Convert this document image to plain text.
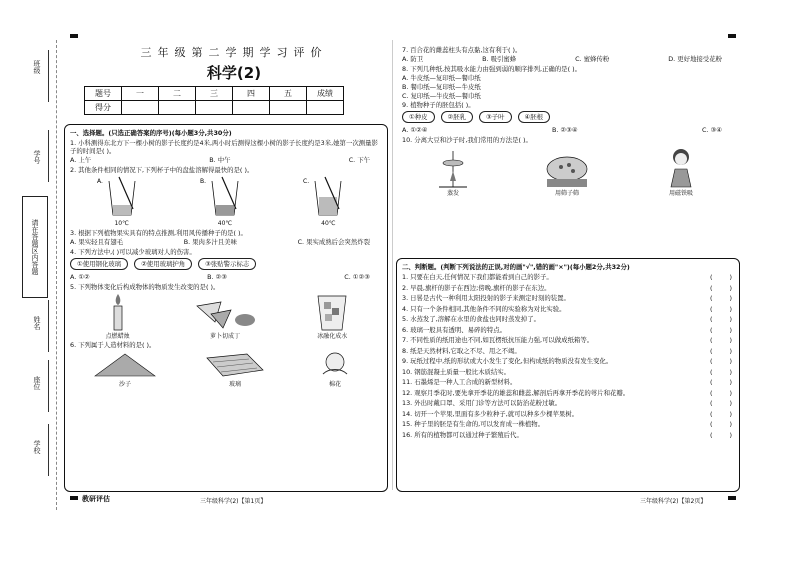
班级
学号
姓名
座位
学校
请在答题区内答题
三年级第二学期学习评价
科学(2)
题号	一	二	三	四	五	成绩
得分						
一、选择题。(只选正确答案的序号)(每小题3分,共30分)
1. 小科测得东北方下一棵小树的影子长度约是4米,两小时后测得这棵小树的影子长度约是3米,她第一次测量影子的时间是( )。
A. 上午	B. 中午	C. 下午
2. 其他条件相同的情况下,下列杯子中的盘盐溶解得最快的是( )。
A.
10℃
B.
40℃
C.
40℃
3. 根据下列植物果实具有的特点推测,利用风传播种子的是( )。
A. 果实轻且有翅毛	B. 果肉多汁且美味	C. 果实成熟后会突然炸裂
4. 下列方法中,( )可以减少玻璃对人的伤害。
①使用钢化玻璃	②使用玻璃护角	③张贴警示标志
A. ①②	B. ②③	C. ①②③
5. 下列物体变化后构成物体的物质发生改变的是( )。
点燃蜡烛	萝卜切成丁	冰融化成水
6. 下列属于人造材料的是( )。
沙子	玻璃	棉花
7. 百合花的雌蕊柱头有点黏,这有利于( )。
A. 防卫	B. 吸引蜜蜂	C. 蜜蜂传粉	D. 更好地接受花粉
8. 下列几种纸,按其吸水能力由强到弱的顺序排列,正确的是( )。
A. 牛皮纸—复印纸—餐巾纸
B. 餐巾纸—复印纸—牛皮纸
C. 复印纸—牛皮纸—餐巾纸
9. 植物种子的胚包括( )。
①种皮	②胚乳	③子叶	④胚根
A. ①②④	B. ②③④	C. ③④
10. 分离大豆和沙子时,我们常用的方法是( )。
蒸发	用筛子筛	用磁铁吸
二、判断题。(判断下列说法的正误,对的画"√",错的画"×")(每小题2分,共32分)
1. 只要在白天,任何情况下我们都能看到自己的影子。	(	)
2. 早晨,旗杆的影子在西边;傍晚,旗杆的影子在东边。	(	)
3. 日晷是古代一种利用太阳投射的影子来测定时刻的装置。	(	)
4. 只有一个条件相同,其他条件不同的实验称为对比实验。	(	)
5. 水蒸发了,溶解在水里的食盐也同时蒸发掉了。	(	)
6. 玻璃一般具有透明、易碎的特点。	(	)
7. 不同性质的纸用途也不同,如瓦楞纸抗压能力强,可以做成纸箱等。	(	)
8. 纸是天然材料,它取之不尽、用之不竭。	(	)
9. 玩纸过程中,纸的形状或大小发生了变化,但构成纸的物质没有发生变化。	(	)
10. 钢筋混凝土质量一般比木质结实。	(	)
11. 石墨烯是一种人工合成的新型材料。	(	)
12. 观察月季花时,要先拿开季花的雄蕊和雌蕊,解剖后再拿开季花的萼片和花瓣。	(	)
13. 外出时戴口罩、采用门诊等方法可以防治花粉过敏。	(	)
14. 切开一个苹果,里面有多少粒种子,就可以种多少棵苹果树。	(	)
15. 种子里的胚是有生命的,可以发育成一株植物。	(	)
16. 所有的植物都可以通过种子繁殖后代。	(	)
教研评估	三年级科学(2)【第1页】	三年级科学(2)【第2页】
